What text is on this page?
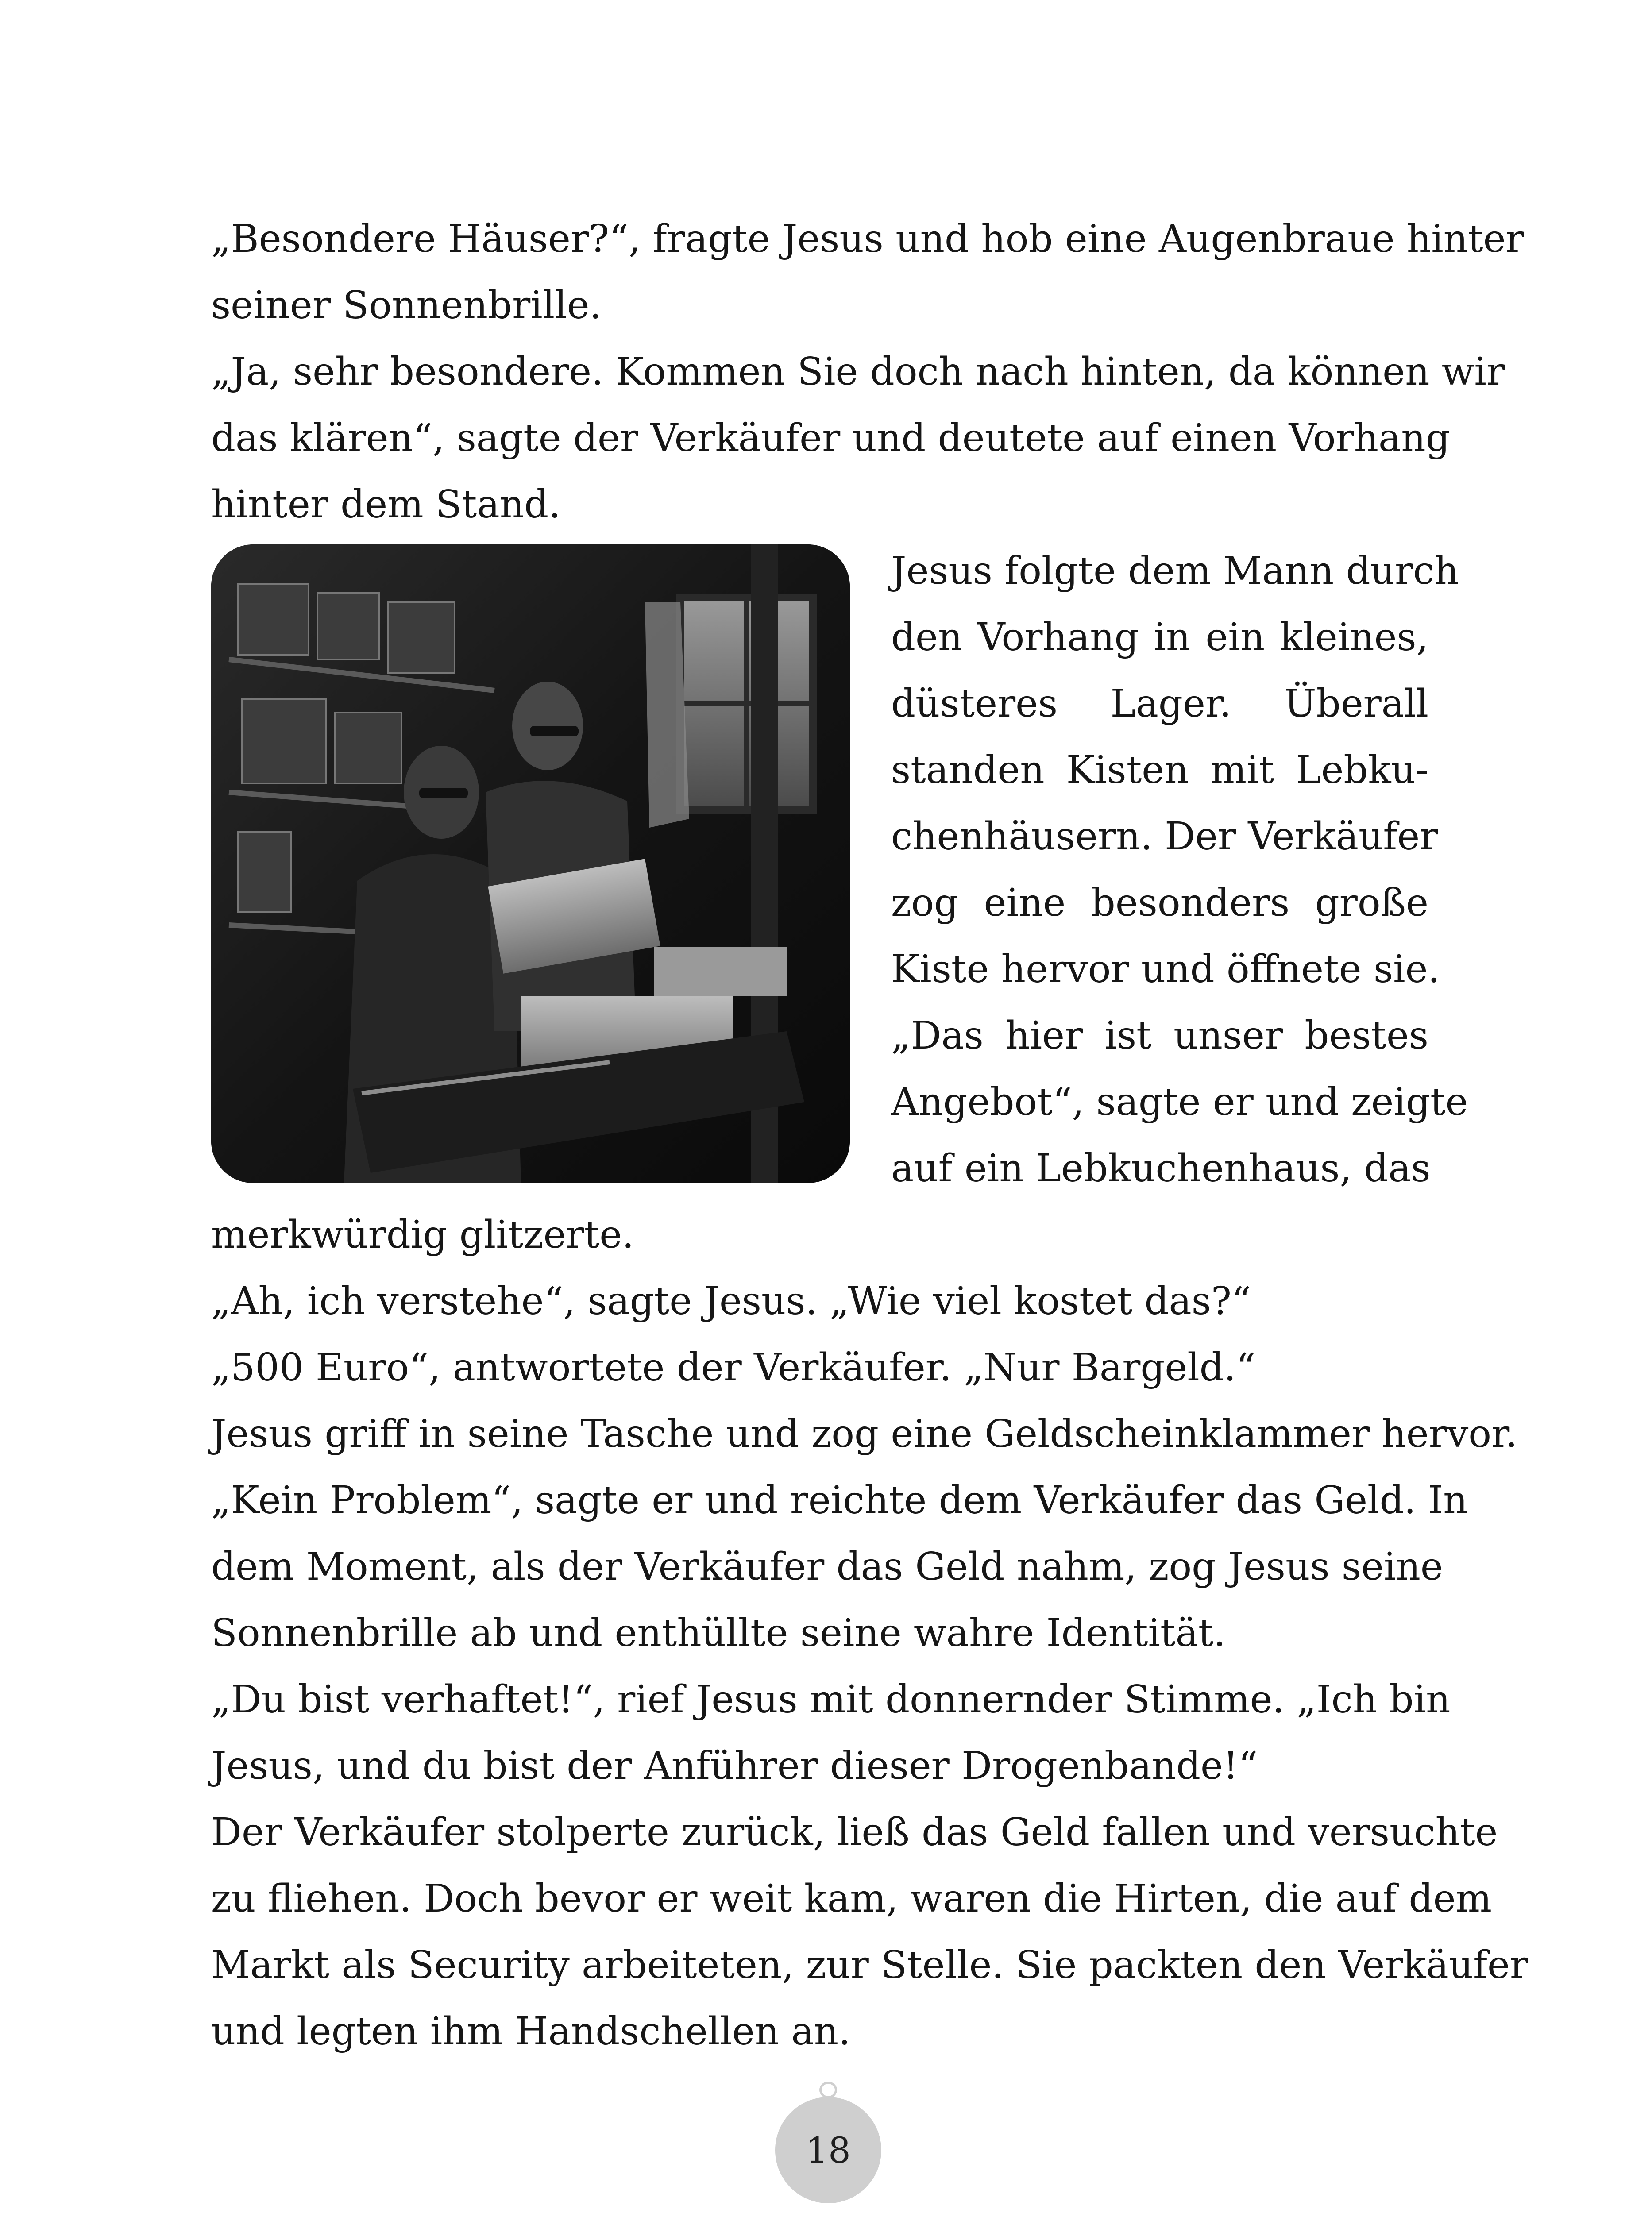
„Besondere Häuser?“, fragte Jesus und hob eine Augenbraue hinter
seiner Sonnenbrille.
„Ja, sehr besondere. Kommen Sie doch nach hinten, da können wir
das klären“, sagte der Verkäufer und deutete auf einen Vorhang
hinter dem Stand.
Jesus folgte dem Mann durch
den Vorhang in ein kleines,
düsteres Lager. Überall
standen Kisten mit Lebku-
chenhäusern. Der Verkäufer
zog eine besonders große
Kiste hervor und öffnete sie.
„Das hier ist unser bestes
Angebot“, sagte er und zeigte
auf ein Lebkuchenhaus, das
merkwürdig glitzerte.
„Ah, ich verstehe“, sagte Jesus. „Wie viel kostet das?“
„500 Euro“, antwortete der Verkäufer. „Nur Bargeld.“
Jesus griff in seine Tasche und zog eine Geldscheinklammer hervor.
„Kein Problem“, sagte er und reichte dem Verkäufer das Geld. In
dem Moment, als der Verkäufer das Geld nahm, zog Jesus seine
Sonnenbrille ab und enthüllte seine wahre Identität.
„Du bist verhaftet!“, rief Jesus mit donnernder Stimme. „Ich bin
Jesus, und du bist der Anführer dieser Drogenbande!“
Der Verkäufer stolperte zurück, ließ das Geld fallen und versuchte
zu fliehen. Doch bevor er weit kam, waren die Hirten, die auf dem
Markt als Security arbeiteten, zur Stelle. Sie packten den Verkäufer
und legten ihm Handschellen an.
18
